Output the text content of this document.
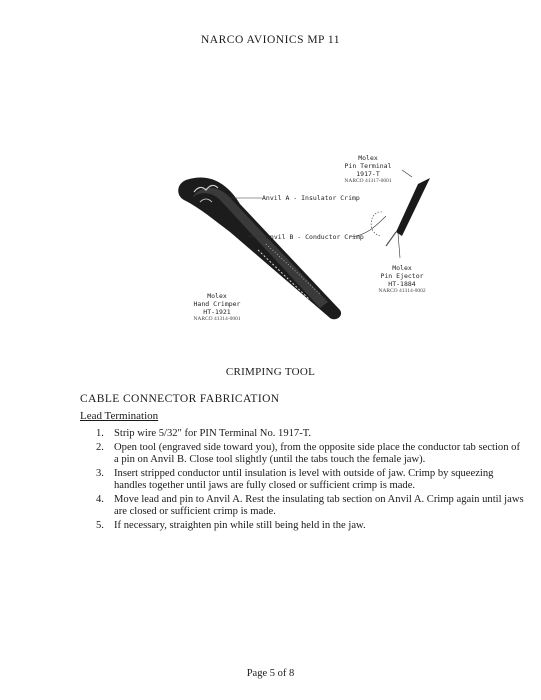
NARCO AVIONICS MP 11
Molex
Pin Terminal
1917-T
NARCO 41317-0001
Anvil A - Insulator Crimp
Anvil B - Conductor Crimp
Molex
Pin Ejector
HT-1884
NARCO 41314-0002
Molex
Hand Crimper
HT-1921
NARCO 41314-0001
CRIMPING TOOL
CABLE CONNECTOR FABRICATION
Lead Termination
1. Strip wire 5/32" for PIN Terminal No. 1917-T.
2. Open tool (engraved side toward you), from the opposite side place the conductor tab section of a pin on Anvil B. Close tool slightly (until the tabs touch the female jaw).
3. Insert stripped conductor until insulation is level with outside of jaw. Crimp by squeezing handles together until jaws are fully closed or sufficient crimp is made.
4. Move lead and pin to Anvil A. Rest the insulating tab section on Anvil A. Crimp again until jaws are closed or sufficient crimp is made.
5. If necessary, straighten pin while still being held in the jaw.
Page 5 of 8
